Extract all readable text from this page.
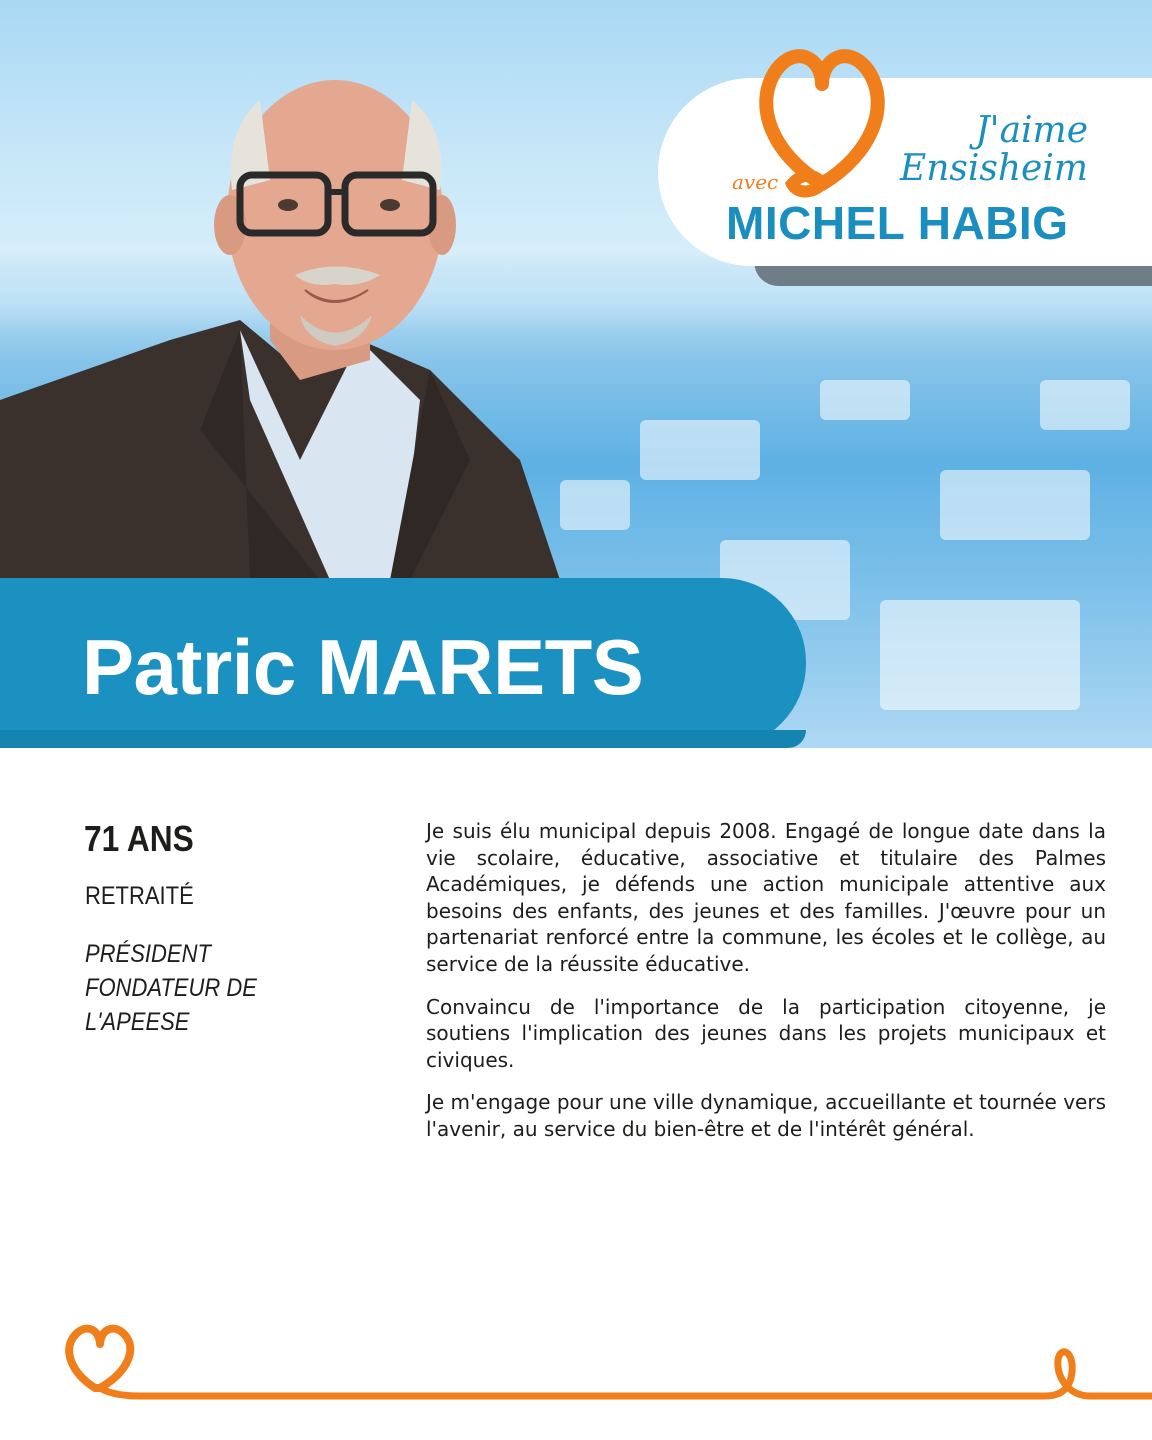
J'aime Ensisheim
avec
MICHEL HABIG
Patric MARETS
71 ANS
RETRAITÉ
PRÉSIDENT
FONDATEUR DE
L'APEESE

Je suis élu municipal depuis 2008. Engagé de longue date dans la vie scolaire, éducative, associative et titulaire des Palmes Académiques, je défends une action municipale attentive aux besoins des enfants, des jeunes et des familles. J'œuvre pour un partenariat renforcé entre la commune, les écoles et le collège, au service de la réussite éducative.

Convaincu de l'importance de la participation citoyenne, je soutiens l'implication des jeunes dans les projets municipaux et civiques.

Je m'engage pour une ville dynamique, accueillante et tournée vers l'avenir, au service du bien-être et de l'intérêt général.
